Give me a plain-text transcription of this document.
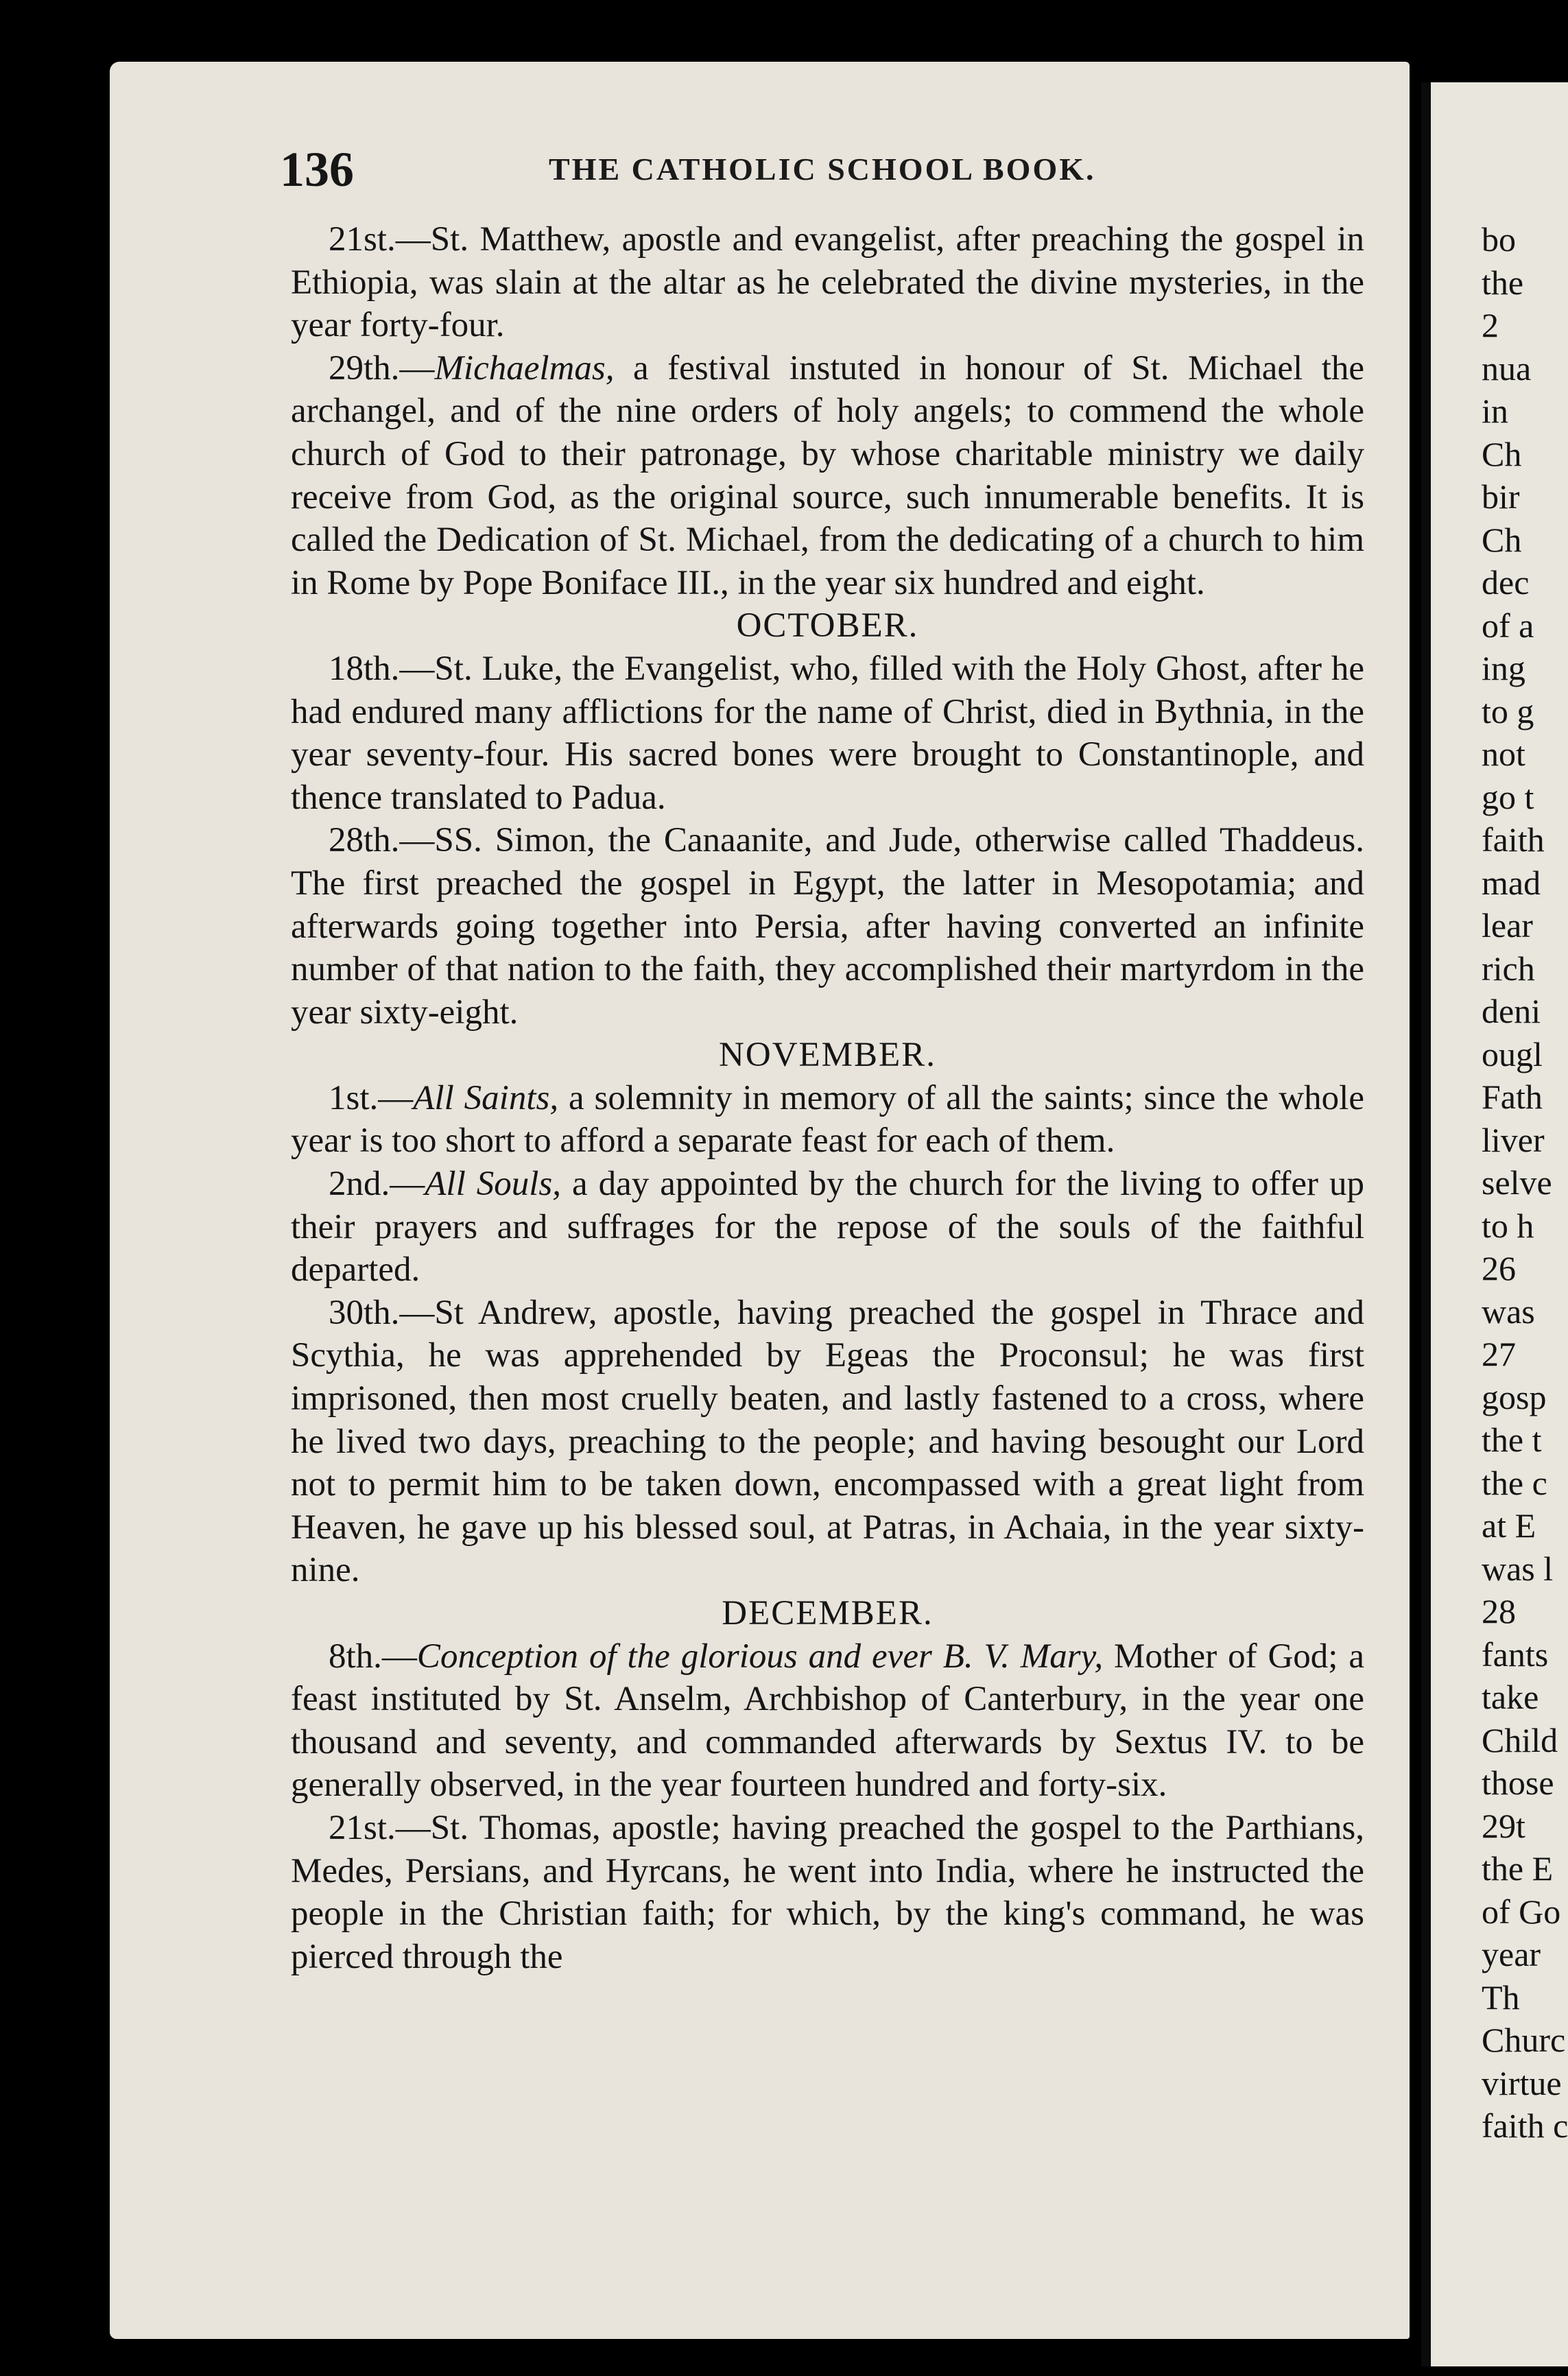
136	THE CATHOLIC SCHOOL BOOK.

21st.—St. Matthew, apostle and evangelist, after preaching the gospel in Ethiopia, was slain at the altar as he celebrated the divine mysteries, in the year forty-four.

29th.—Michaelmas, a festival instuted in honour of St. Michael the archangel, and of the nine orders of holy angels; to commend the whole church of God to their patronage, by whose charitable ministry we daily receive from God, as the original source, such innumerable benefits. It is called the Dedication of St. Michael, from the dedicating of a church to him in Rome by Pope Boniface III., in the year six hundred and eight.

OCTOBER.

18th.—St. Luke, the Evangelist, who, filled with the Holy Ghost, after he had endured many afflictions for the name of Christ, died in Bythnia, in the year seventy-four. His sacred bones were brought to Constantinople, and thence translated to Padua.

28th.—SS. Simon, the Canaanite, and Jude, otherwise called Thaddeus. The first preached the gospel in Egypt, the latter in Mesopotamia; and afterwards going together into Persia, after having converted an infinite number of that nation to the faith, they accomplished their martyrdom in the year sixty-eight.

NOVEMBER.

1st.—All Saints, a solemnity in memory of all the saints; since the whole year is too short to afford a separate feast for each of them.

2nd.—All Souls, a day appointed by the church for the living to offer up their prayers and suffrages for the repose of the souls of the faithful departed.

30th.—St Andrew, apostle, having preached the gospel in Thrace and Scythia, he was apprehended by Egeas the Proconsul; he was first imprisoned, then most cruelly beaten, and lastly fastened to a cross, where he lived two days, preaching to the people; and having besought our Lord not to permit him to be taken down, encompassed with a great light from Heaven, he gave up his blessed soul, at Patras, in Achaia, in the year sixty-nine.

DECEMBER.

8th.—Conception of the glorious and ever B. V. Mary, Mother of God; a feast instituted by St. Anselm, Archbishop of Canterbury, in the year one thousand and seventy, and commanded afterwards by Sextus IV. to be generally observed, in the year fourteen hundred and forty-six.

21st.—St. Thomas, apostle; having preached the gospel to the Parthians, Medes, Persians, and Hyrcans, he went into India, where he instructed the people in the Christian faith; for which, by the king's command, he was pierced through the

bo
the
2
nua
in
Ch
bir
Ch
dec
of a
ing
to g
not
go t
faith
mad
lear
rich
deni
ougl
Fath
liver
selve
to h
26
was
27
gosp
the t
the c
at E
was l
28
fants
take
Child
those
29t
the E
of Go
year
Th
Churc
virtue
faith c
